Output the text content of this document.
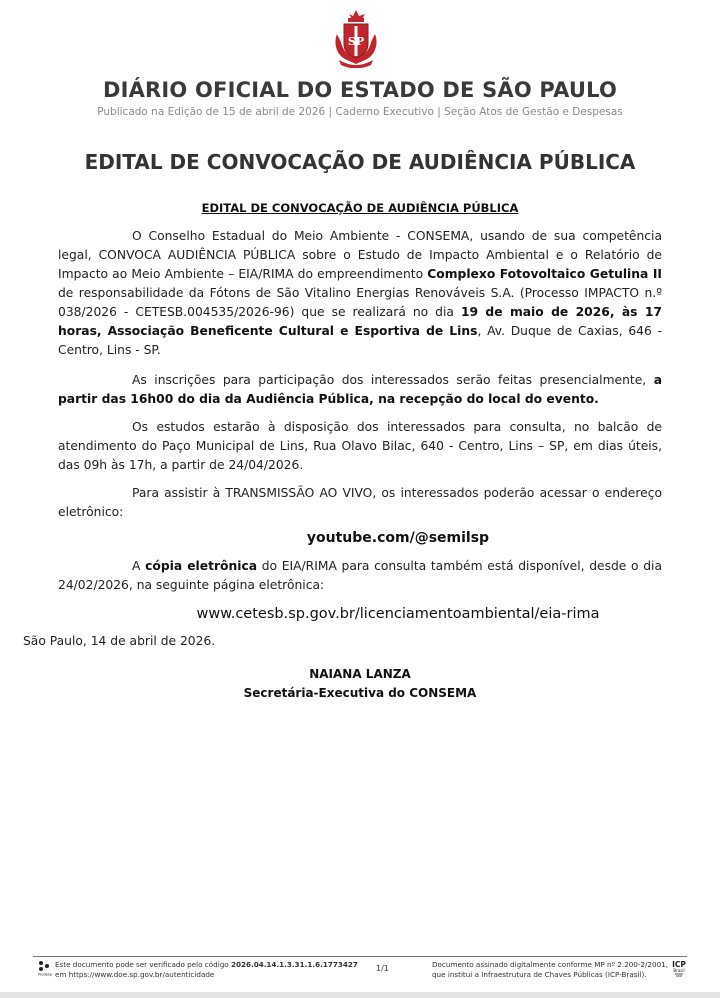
SP
DIÁRIO OFICIAL DO ESTADO DE SÃO PAULO
Publicado na Edição de 15 de abril de 2026 | Caderno Executivo | Seção Atos de Gestão e Despesas
EDITAL DE CONVOCAÇÃO DE AUDIÊNCIA PÚBLICA
EDITAL DE CONVOCAÇÃO DE AUDIÊNCIA PÚBLICA
O Conselho Estadual do Meio Ambiente - CONSEMA, usando de sua competência legal, CONVOCA AUDIÊNCIA PÚBLICA sobre o Estudo de Impacto Ambiental e o Relatório de Impacto ao Meio Ambiente – EIA/RIMA do empreendimento Complexo Fotovoltaico Getulina II de responsabilidade da Fótons de São Vitalino Energias Renováveis S.A. (Processo IMPACTO n.º 038/2026 - CETESB.004535/2026-96) que se realizará no dia 19 de maio de 2026, às 17 horas, Associação Beneficente Cultural e Esportiva de Lins, Av. Duque de Caxias, 646 - Centro, Lins - SP.
As inscrições para participação dos interessados serão feitas presencialmente, a partir das 16h00 do dia da Audiência Pública, na recepção do local do evento.
Os estudos estarão à disposição dos interessados para consulta, no balcão de atendimento do Paço Municipal de Lins, Rua Olavo Bilac, 640 - Centro, Lins – SP, em dias úteis, das 09h às 17h, a partir de 24/04/2026.
Para assistir à TRANSMISSÃO AO VIVO, os interessados poderão acessar o endereço eletrônico:
youtube.com/@semilsp
A cópia eletrônica do EIA/RIMA para consulta também está disponível, desde o dia 24/02/2026, na seguinte página eletrônica:
www.cetesb.sp.gov.br/licenciamentoambiental/eia-rima
São Paulo, 14 de abril de 2026.
NAIANA LANZA
Secretária-Executiva do CONSEMA
Prodesp
Este documento pode ser verificado pelo código 2026.04.14.1.3.31.1.6.1773427
em https://www.doe.sp.gov.br/autenticidade
1/1	Documento assinado digitalmente conforme MP nº 2.200-2/2001,
que institui a Infraestrutura de Chaves Públicas (ICP-Brasil).
ICP
Brasil
